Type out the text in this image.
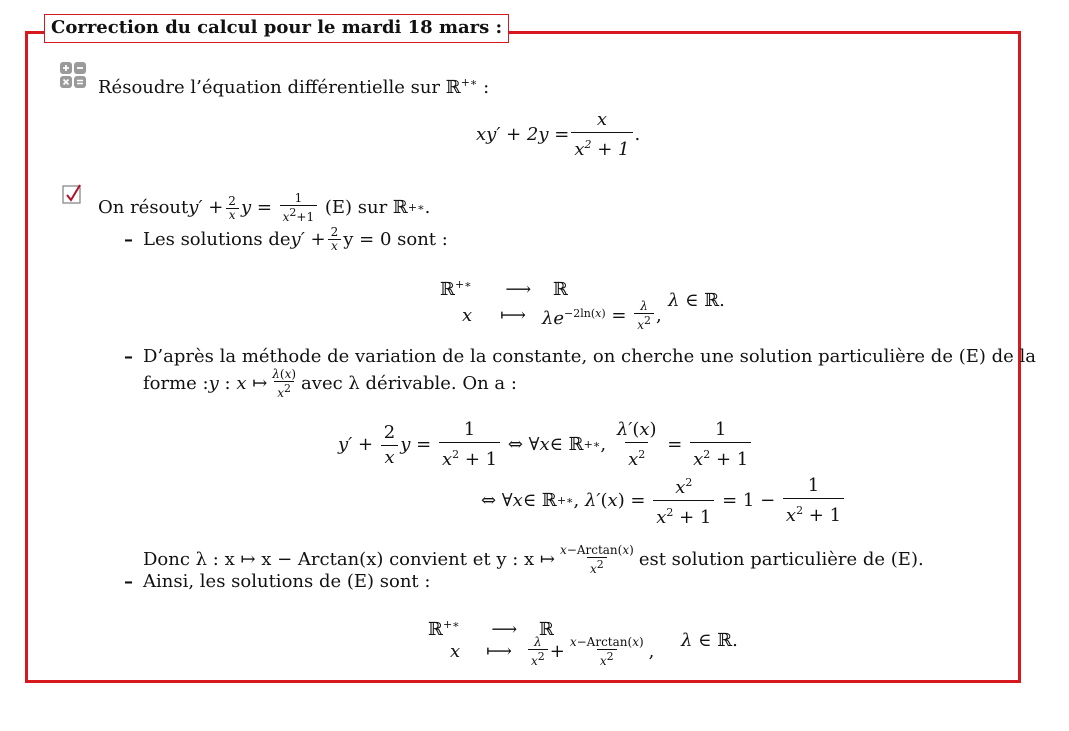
Correction du calcul pour le mardi 18 mars :
Résoudre l’équation différentielle sur ℝ+∗ :
$xy' + 2y = \frac{x}{x^2 + 1}$ .
On résout $y' + \frac{2}{x}$ $y = \frac{1}{x^2+1}$
(E) sur ℝ +∗ .
– Les solutions de $y' + \frac{2}{x}$ y = 0 sont :
ℝ+∗ ⟶ ℝ
x ⟼ $\lambda e^{-2ln(x)} = \frac{\lambda}{x^2}$ ,
λ ∈ ℝ.
– D’après la méthode de variation de la constante, on cherche une solution particulière de (E) de la
forme : y : x ↦ $\frac{\lambda(x)}{x^2}$ avec λ dérivable. On a :
$y' + \frac{2}{x}$ $y = \frac{1}{x^2 + 1}$ ⇔ ∀ x ∈ ℝ +∗ , $\frac{\lambda'(x)}{x^2} = \frac{1}{x^2 + 1}$
⇔ ∀ x ∈ ℝ +∗ , λ′ ( x ) = $\frac{x^2}{x^2 + 1} = 1 - \frac{1}{x^2 + 1}$
Donc λ : x ↦ x − Arctan(x) convient et y : x ↦ $\frac{\text{x−Arctan(x)}}{x^2}$ est solution particulière de (E).
– Ainsi, les solutions de (E) sont :
ℝ+∗ ⟶ ℝ
x ⟼ $\frac{\lambda}{x^2} + \frac{\text{x−Arctan(x)}}{x^2}$ ,
λ ∈ ℝ.
